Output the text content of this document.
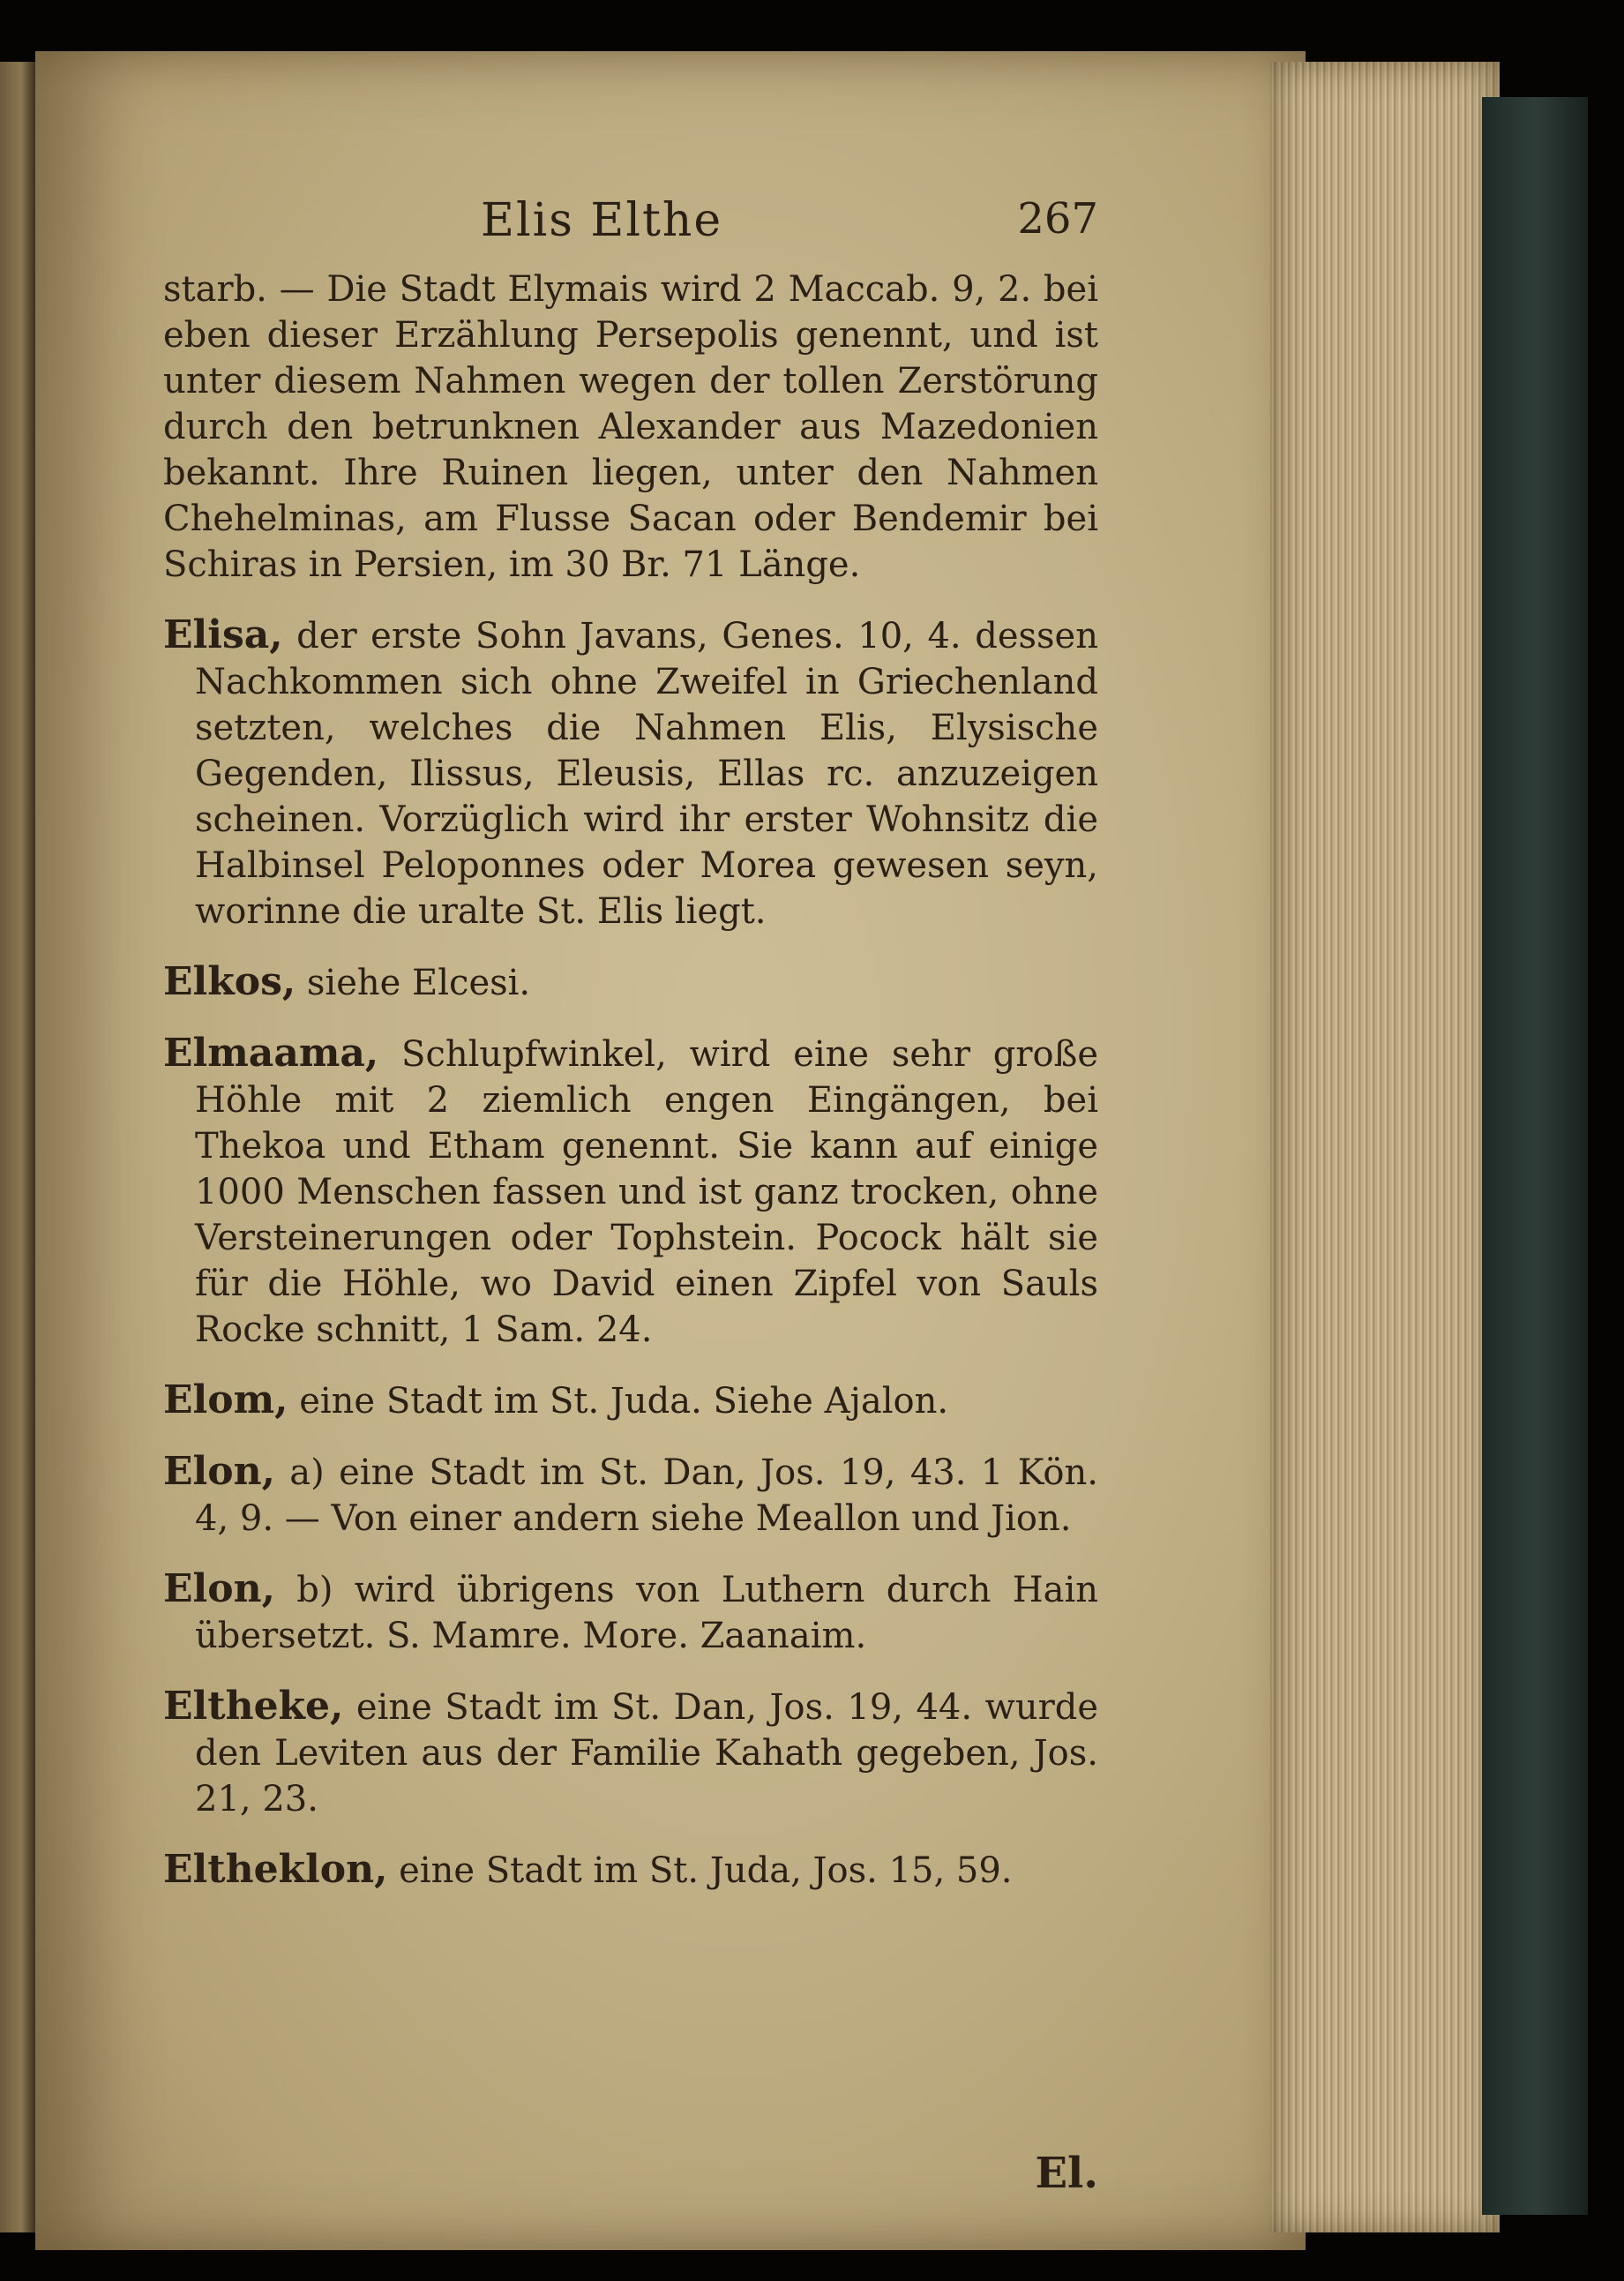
Elis Elthe	267

starb. — Die Stadt Elymais wird 2 Maccab. 9, 2. bei eben dieser Erzählung Persepolis genennt, und ist unter diesem Nahmen wegen der tollen Zerstörung durch den betrunknen Alexander aus Mazedonien bekannt. Ihre Ruinen liegen, unter den Nahmen Chehelminas, am Flusse Sacan oder Bendemir bei Schiras in Persien, im 30 Br. 71 Länge.

Elisa, der erste Sohn Javans, Genes. 10, 4. dessen Nachkommen sich ohne Zweifel in Griechenland setzten, welches die Nahmen Elis, Elysische Gegenden, Ilissus, Eleusis, Ellas rc. anzuzeigen scheinen. Vorzüglich wird ihr erster Wohnsitz die Halbinsel Peloponnes oder Morea gewesen seyn, worinne die uralte St. Elis liegt.

Elkos, siehe Elcesi.

Elmaama, Schlupfwinkel, wird eine sehr große Höhle mit 2 ziemlich engen Eingängen, bei Thekoa und Etham genennt. Sie kann auf einige 1000 Menschen fassen und ist ganz trocken, ohne Versteinerungen oder Tophstein. Pocock hält sie für die Höhle, wo David einen Zipfel von Sauls Rocke schnitt, 1 Sam. 24.

Elom, eine Stadt im St. Juda. Siehe Ajalon.

Elon, a) eine Stadt im St. Dan, Jos. 19, 43. 1 Kön. 4, 9. — Von einer andern siehe Meallon und Jion.

Elon, b) wird übrigens von Luthern durch Hain übersetzt. S. Mamre. More. Zaanaim.

Eltheke, eine Stadt im St. Dan, Jos. 19, 44. wurde den Leviten aus der Familie Kahath gegeben, Jos. 21, 23.

Eltheklon, eine Stadt im St. Juda, Jos. 15, 59.

El.
